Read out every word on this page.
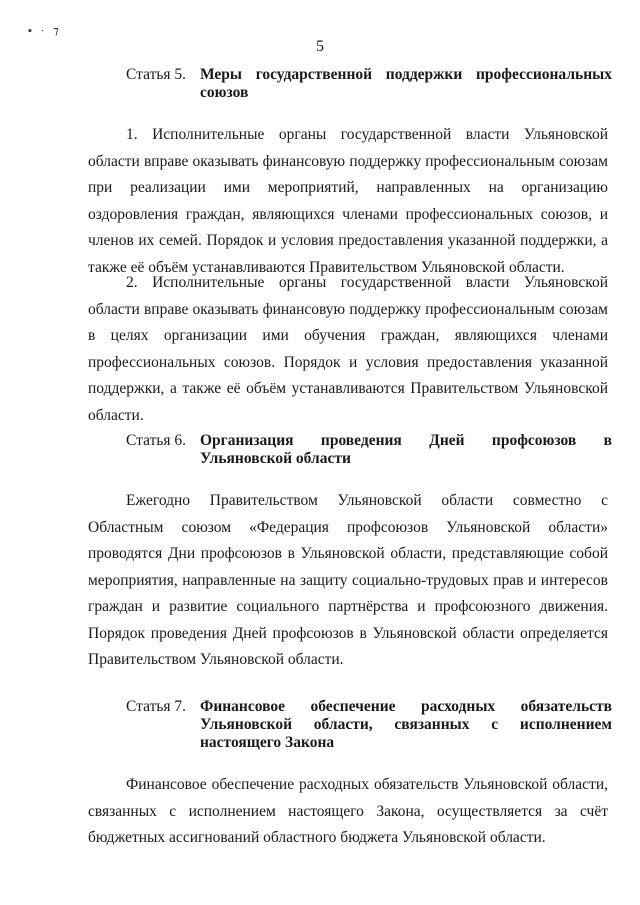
▪ · ⁊
5
Статья 5. Меры государственной поддержки профессиональных союзов

1. Исполнительные органы государственной власти Ульяновской области вправе оказывать финансовую поддержку профессиональным союзам при реализации ими мероприятий, направленных на организацию оздоровления граждан, являющихся членами профессиональных союзов, и членов их семей. Порядок и условия предоставления указанной поддержки, а также её объём устанавливаются Правительством Ульяновской области.

2. Исполнительные органы государственной власти Ульяновской области вправе оказывать финансовую поддержку профессиональным союзам в целях организации ими обучения граждан, являющихся членами профессиональных союзов. Порядок и условия предоставления указанной поддержки, а также её объём устанавливаются Правительством Ульяновской области.

Статья 6. Организация проведения Дней профсоюзов в Ульяновской области

Ежегодно Правительством Ульяновской области совместно с Областным союзом «Федерация профсоюзов Ульяновской области» проводятся Дни профсоюзов в Ульяновской области, представляющие собой мероприятия, направленные на защиту социально-трудовых прав и интересов граждан и развитие социального партнёрства и профсоюзного движения. Порядок проведения Дней профсоюзов в Ульяновской области определяется Правительством Ульяновской области.

Статья 7. Финансовое обеспечение расходных обязательств Ульяновской области, связанных с исполнением настоящего Закона

Финансовое обеспечение расходных обязательств Ульяновской области, связанных с исполнением настоящего Закона, осуществляется за счёт бюджетных ассигнований областного бюджета Ульяновской области.
